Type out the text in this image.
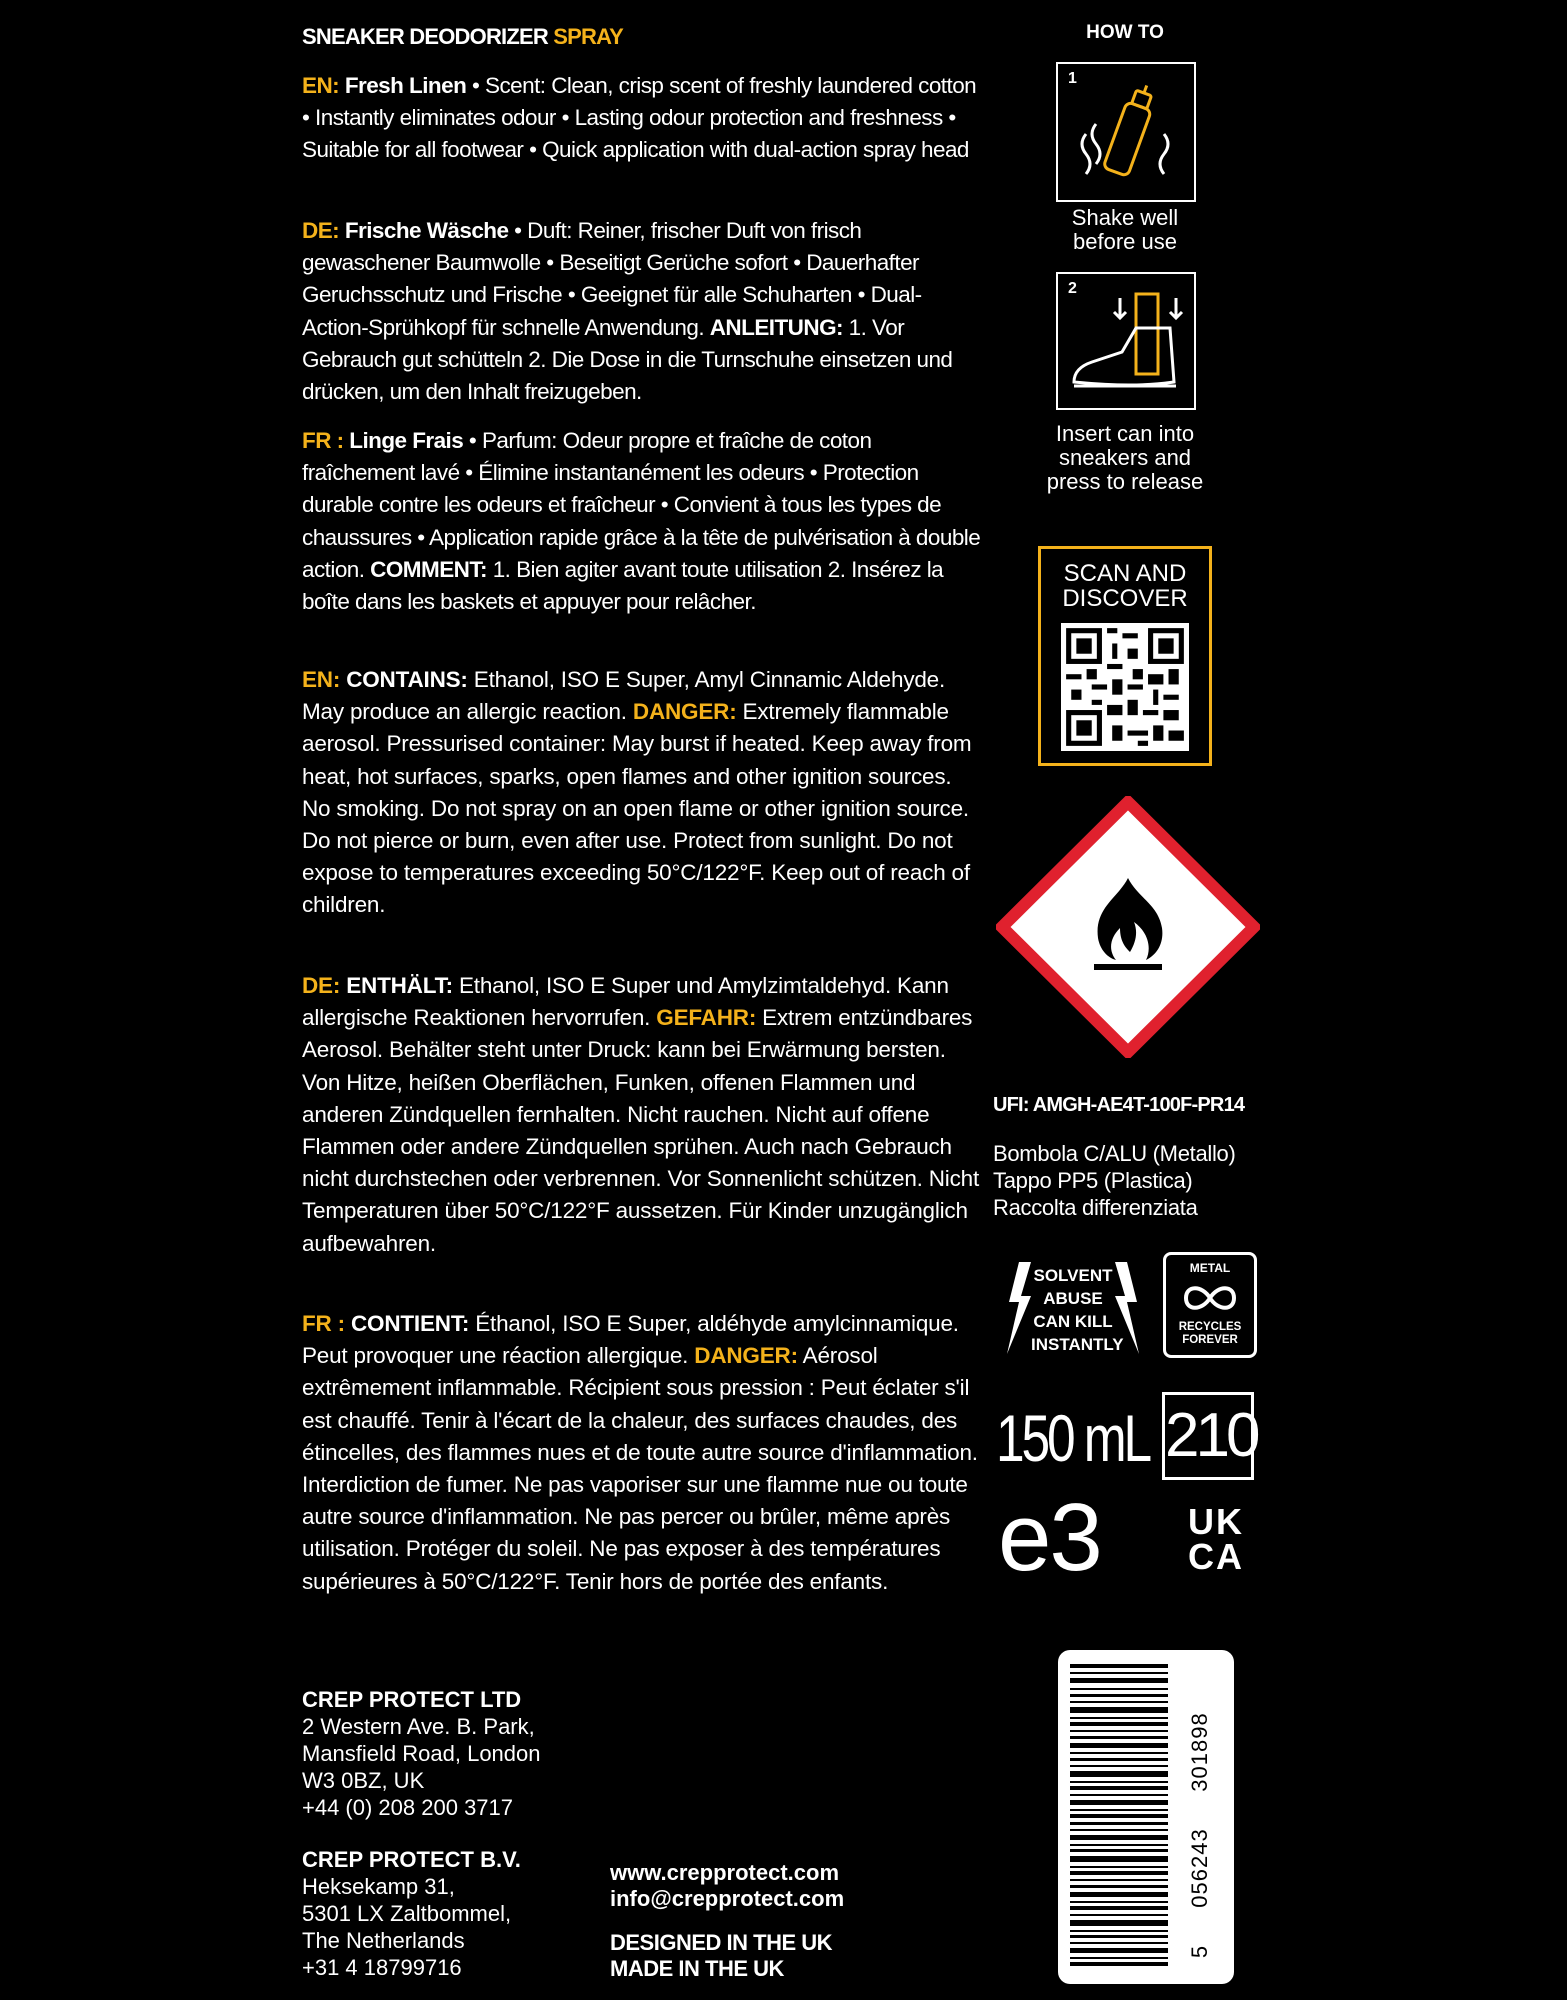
SNEAKER DEODORIZER SPRAY
EN: Fresh Linen • Scent: Clean, crisp scent of freshly laundered cotton • Instantly eliminates odour • Lasting odour protection and freshness • Suitable for all footwear • Quick application with dual-action spray head
DE: Frische Wäsche • Duft: Reiner, frischer Duft von frisch gewaschener Baumwolle • Beseitigt Gerüche sofort • Dauerhafter Geruchsschutz und Frische • Geeignet für alle Schuharten • Dual-Action-Sprühkopf für schnelle Anwendung. ANLEITUNG: 1. Vor Gebrauch gut schütteln 2. Die Dose in die Turnschuhe einsetzen und drücken, um den Inhalt freizugeben.
FR : Linge Frais • Parfum: Odeur propre et fraîche de coton fraîchement lavé • Élimine instantanément les odeurs • Protection durable contre les odeurs et fraîcheur • Convient à tous les types de chaussures • Application rapide grâce à la tête de pulvérisation à double action. COMMENT: 1. Bien agiter avant toute utilisation 2. Insérez la boîte dans les baskets et appuyer pour relâcher.
EN: CONTAINS: Ethanol, ISO E Super, Amyl Cinnamic Aldehyde. May produce an allergic reaction. DANGER: Extremely flammable aerosol. Pressurised container: May burst if heated. Keep away from heat, hot surfaces, sparks, open flames and other ignition sources. No smoking. Do not spray on an open flame or other ignition source. Do not pierce or burn, even after use. Protect from sunlight. Do not expose to temperatures exceeding 50°C/122°F. Keep out of reach of children.
DE: ENTHÄLT: Ethanol, ISO E Super und Amylzimtaldehyd. Kann allergische Reaktionen hervorrufen. GEFAHR: Extrem entzündbares Aerosol. Behälter steht unter Druck: kann bei Erwärmung bersten. Von Hitze, heißen Oberflächen, Funken, offenen Flammen und anderen Zündquellen fernhalten. Nicht rauchen. Nicht auf offene Flammen oder andere Zündquellen sprühen. Auch nach Gebrauch nicht durchstechen oder verbrennen. Vor Sonnenlicht schützen. Nicht Temperaturen über 50°C/122°F aussetzen. Für Kinder unzugänglich aufbewahren.
FR : CONTIENT: Éthanol, ISO E Super, aldéhyde amylcinnamique. Peut provoquer une réaction allergique. DANGER: Aérosol extrêmement inflammable. Récipient sous pression : Peut éclater s'il est chauffé. Tenir à l'écart de la chaleur, des surfaces chaudes, des étincelles, des flammes nues et de toute autre source d'inflammation. Interdiction de fumer. Ne pas vaporiser sur une flamme nue ou toute autre source d'inflammation. Ne pas percer ou brûler, même après utilisation. Protéger du soleil. Ne pas exposer à des températures supérieures à 50°C/122°F. Tenir hors de portée des enfants.
CREP PROTECT LTD
2 Western Ave. B. Park,
Mansfield Road, London
W3 0BZ, UK
+44 (0) 208 200 3717
CREP PROTECT B.V.
Heksekamp 31,
5301 LX Zaltbommel,
The Netherlands
+31 4 18799716
www.crepprotect.com
info@crepprotect.com
DESIGNED IN THE UK
MADE IN THE UK
HOW TO
1
Shake well before use
2
Insert can into sneakers and press to release
SCAN AND DISCOVER
UFI: AMGH-AE4T-100F-PR14
Bombola C/ALU (Metallo)
Tappo PP5 (Plastica)
Raccolta differenziata
SOLVENT ABUSE CAN KILL INSTANTLY
METAL
RECYCLES FOREVER
150 mL 210
e3 UK CA
301898
056243
5
